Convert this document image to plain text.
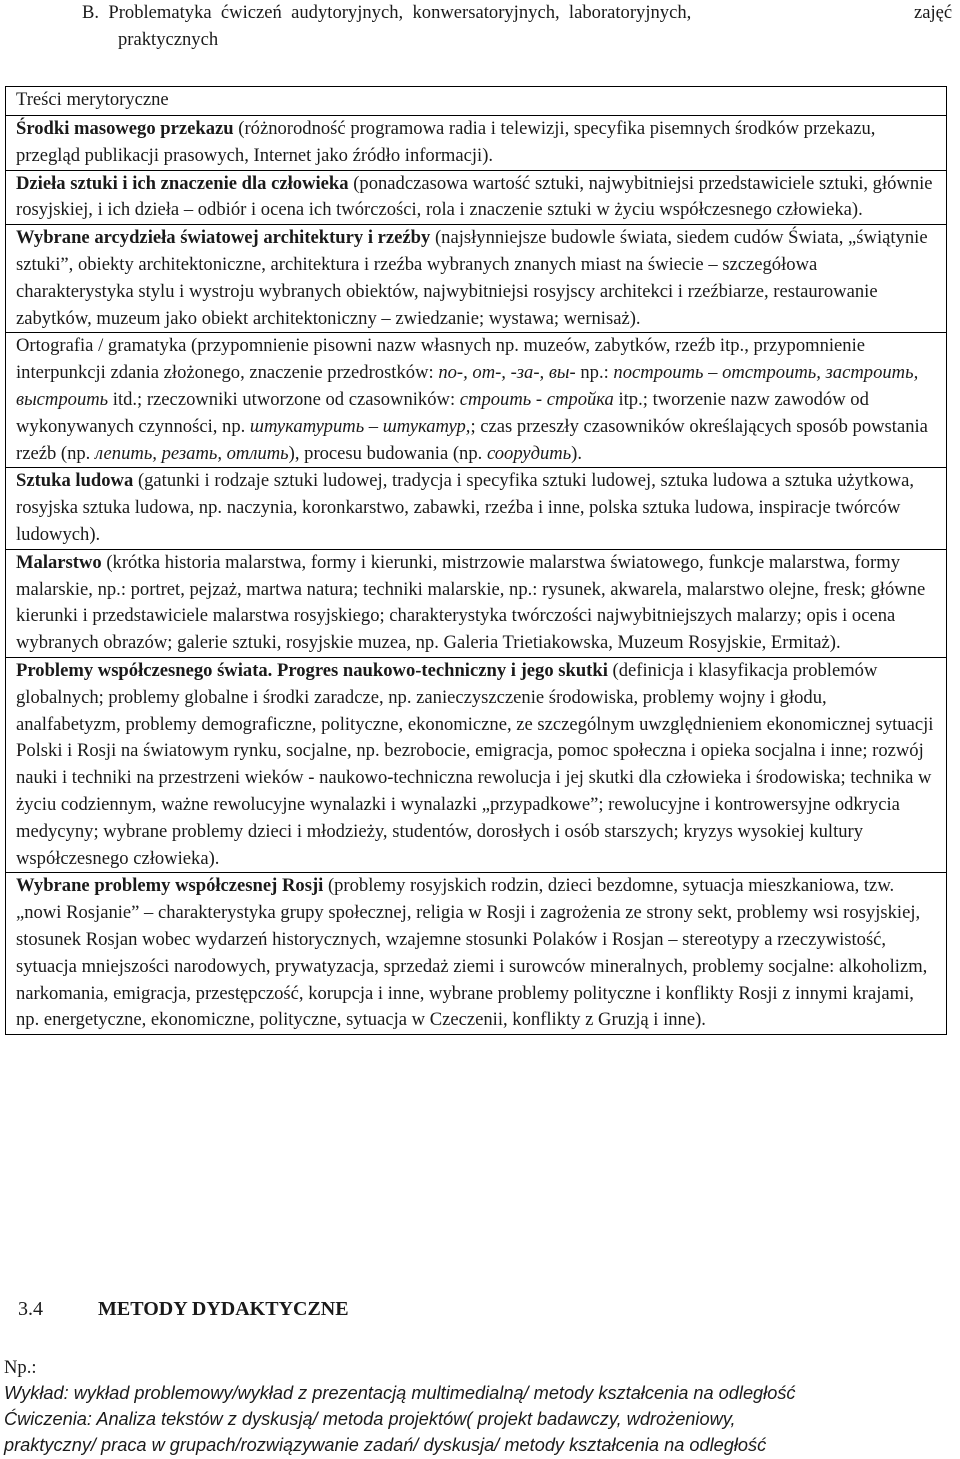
B. Problematyka  ćwiczeń  audytoryjnych,  konwersatoryjnych,  laboratoryjnych,	zajęć
praktycznych

Treści merytoryczne

Środki masowego przekazu (różnorodność programowa radia i telewizji, specyfika pisemnych środków przekazu, przegląd publikacji prasowych, Internet jako źródło informacji).

Dzieła sztuki i ich znaczenie dla człowieka (ponadczasowa wartość sztuki, najwybitniejsi przedstawiciele sztuki, głównie rosyjskiej, i ich dzieła – odbiór i ocena ich twórczości, rola i znaczenie sztuki w życiu współczesnego człowieka).

Wybrane arcydzieła światowej architektury i rzeźby (najsłynniejsze budowle świata, siedem cudów Świata, „świątynie sztuki”, obiekty architektoniczne, architektura i rzeźba wybranych znanych miast na świecie – szczegółowa charakterystyka stylu i wystroju wybranych obiektów, najwybitniejsi rosyjscy architekci i rzeźbiarze, restaurowanie zabytków, muzeum jako obiekt architektoniczny – zwiedzanie; wystawa; wernisaż).

Ortografia / gramatyka (przypomnienie pisowni nazw własnych np. muzeów, zabytków, rzeźb itp., przypomnienie interpunkcji zdania złożonego, znaczenie przedrostków: по-, от-, -за-, вы- np.: построить – отстроить, застроить, выстроить itd.; rzeczowniki utworzone od czasowników: строить - стройка itp.; tworzenie nazw zawodów od wykonywanych czynności, np. штукатурить – штукатур,; czas przeszły czasowników określających sposób powstania rzeźb (np. лепить, резать, отлить), procesu budowania (np. соорудить).

Sztuka ludowa (gatunki i rodzaje sztuki ludowej, tradycja i specyfika sztuki ludowej, sztuka ludowa a sztuka użytkowa, rosyjska sztuka ludowa, np. naczynia, koronkarstwo, zabawki, rzeźba i inne, polska sztuka ludowa, inspiracje twórców ludowych).

Malarstwo (krótka historia malarstwa, formy i kierunki, mistrzowie malarstwa światowego, funkcje malarstwa, formy malarskie, np.: portret, pejzaż, martwa natura; techniki malarskie, np.: rysunek, akwarela, malarstwo olejne, fresk; główne kierunki i przedstawiciele malarstwa rosyjskiego; charakterystyka twórczości najwybitniejszych malarzy; opis i ocena wybranych obrazów; galerie sztuki, rosyjskie muzea, np. Galeria Trietiakowska, Muzeum Rosyjskie, Ermitaż).

Problemy współczesnego świata. Progres naukowo-techniczny i jego skutki (definicja i klasyfikacja problemów globalnych; problemy globalne i środki zaradcze, np. zanieczyszczenie środowiska, problemy wojny i głodu, analfabetyzm, problemy demograficzne, polityczne, ekonomiczne, ze szczególnym uwzględnieniem ekonomicznej sytuacji Polski i Rosji na światowym rynku, socjalne, np. bezrobocie, emigracja, pomoc społeczna i opieka socjalna i inne; rozwój nauki i techniki na przestrzeni wieków - naukowo-techniczna rewolucja i jej skutki dla człowieka i środowiska; technika w życiu codziennym, ważne rewolucyjne wynalazki i wynalazki „przypadkowe”; rewolucyjne i kontrowersyjne odkrycia medycyny; wybrane problemy dzieci i młodzieży, studentów, dorosłych i osób starszych; kryzys wysokiej kultury współczesnego człowieka).

Wybrane problemy współczesnej Rosji (problemy rosyjskich rodzin, dzieci bezdomne, sytuacja mieszkaniowa, tzw. „nowi Rosjanie” – charakterystyka grupy społecznej, religia w Rosji i zagrożenia ze strony sekt, problemy wsi rosyjskiej, stosunek Rosjan wobec wydarzeń historycznych, wzajemne stosunki Polaków i Rosjan – stereotypy a rzeczywistość, sytuacja mniejszości narodowych, prywatyzacja, sprzedaż ziemi i surowców mineralnych, problemy socjalne: alkoholizm, narkomania, emigracja, przestępczość, korupcja i inne, wybrane problemy polityczne i konflikty Rosji z innymi krajami, np. energetyczne, ekonomiczne, polityczne, sytuacja w Czeczenii, konflikty z Gruzją i inne).

3.4	METODY DYDAKTYCZNE
Np.:
Wykład: wykład problemowy/wykład z prezentacją multimedialną/ metody kształcenia na odległość
Ćwiczenia: Analiza tekstów z dyskusją/ metoda projektów( projekt badawczy, wdrożeniowy,
praktyczny/ praca w grupach/rozwiązywanie zadań/ dyskusja/ metody kształcenia na odległość
